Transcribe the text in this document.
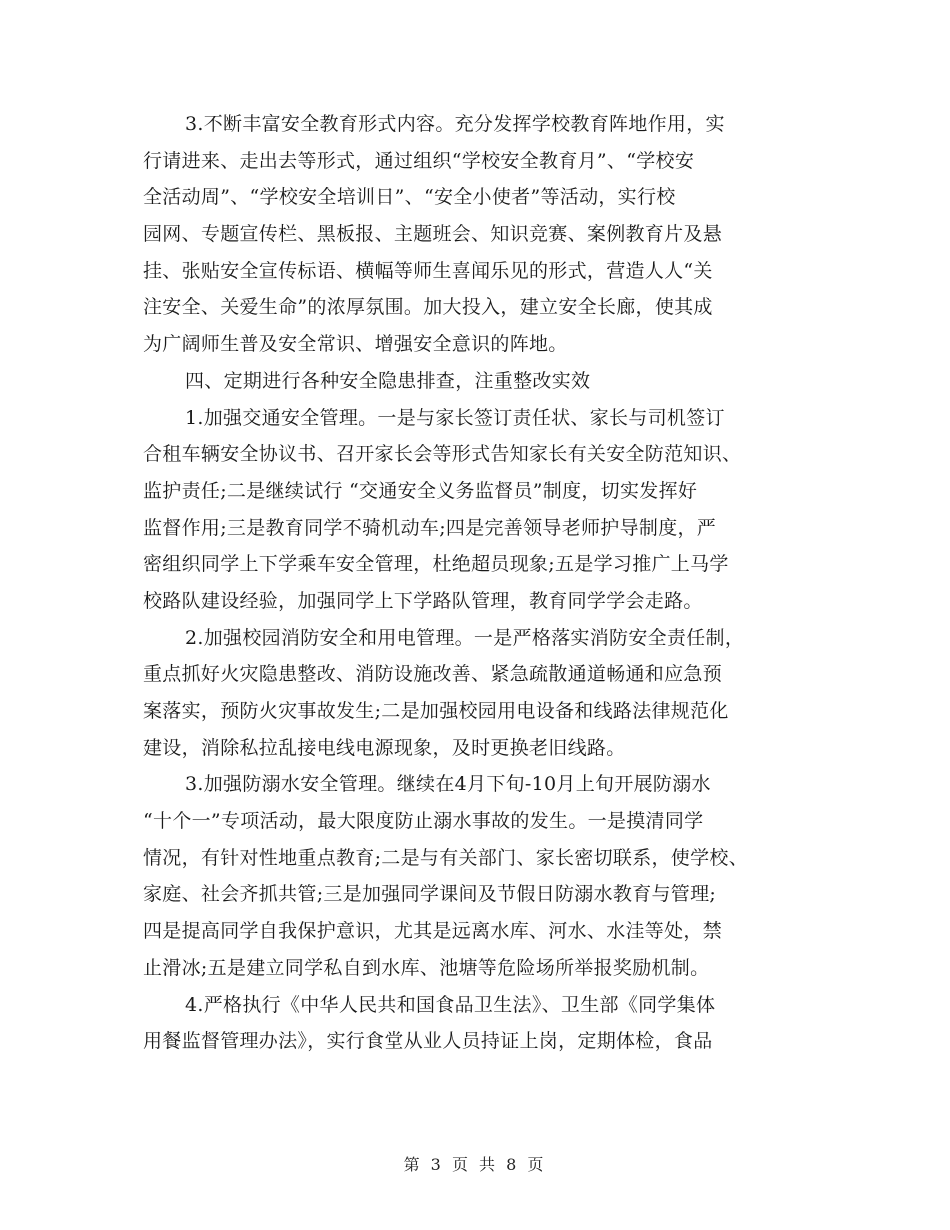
3.不断丰富安全教育形式内容。充分发挥学校教育阵地作用，实
行请进来、走出去等形式，通过组织“学校安全教育月”、“学校安
全活动周”、“学校安全培训日”、“安全小使者”等活动，实行校
园网、专题宣传栏、黑板报、主题班会、知识竞赛、案例教育片及悬
挂、张贴安全宣传标语、横幅等师生喜闻乐见的形式，营造人人“关
注安全、关爱生命”的浓厚氛围。加大投入，建立安全长廊，使其成
为广阔师生普及安全常识、增强安全意识的阵地。
四、定期进行各种安全隐患排查，注重整改实效
1.加强交通安全管理。一是与家长签订责任状、家长与司机签订
合租车辆安全协议书、召开家长会等形式告知家长有关安全防范知识、
监护责任;二是继续试行 “交通安全义务监督员”制度，切实发挥好
监督作用;三是教育同学不骑机动车;四是完善领导老师护导制度，严
密组织同学上下学乘车安全管理，杜绝超员现象;五是学习推广上马学
校路队建设经验，加强同学上下学路队管理，教育同学学会走路。
2.加强校园消防安全和用电管理。一是严格落实消防安全责任制，
重点抓好火灾隐患整改、消防设施改善、紧急疏散通道畅通和应急预
案落实，预防火灾事故发生;二是加强校园用电设备和线路法律规范化
建设，消除私拉乱接电线电源现象，及时更换老旧线路。
3.加强防溺水安全管理。继续在4月下旬-10月上旬开展防溺水
“十个一”专项活动，最大限度防止溺水事故的发生。一是摸清同学
情况，有针对性地重点教育;二是与有关部门、家长密切联系，使学校、
家庭、社会齐抓共管;三是加强同学课间及节假日防溺水教育与管理;
四是提高同学自我保护意识，尤其是远离水库、河水、水洼等处，禁
止滑冰;五是建立同学私自到水库、池塘等危险场所举报奖励机制。
4.严格执行《中华人民共和国食品卫生法》、卫生部《同学集体
用餐监督管理办法》，实行食堂从业人员持证上岗，定期体检，食品
第 3 页 共 8 页
